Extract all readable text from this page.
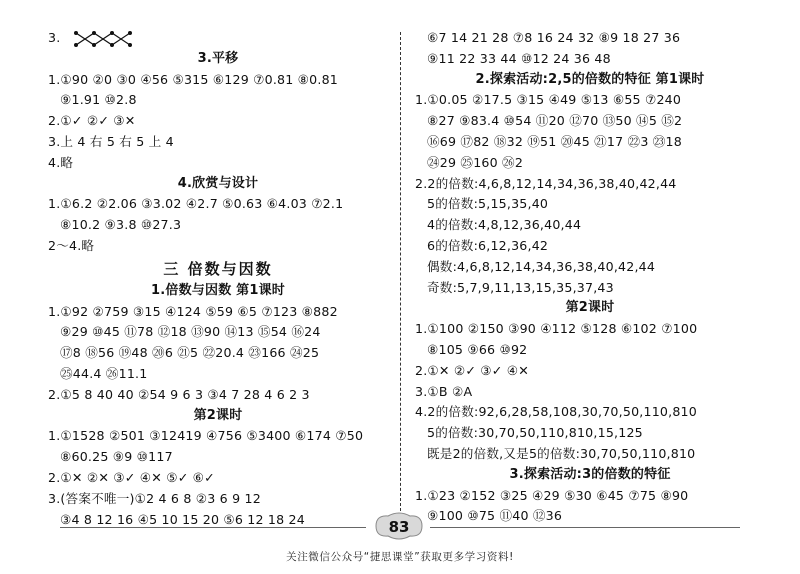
3.
3.平移
1.①90 ②0 ③0 ④56 ⑤315 ⑥129 ⑦0.81 ⑧0.81
⑨1.91 ⑩2.8
2.①✓ ②✓ ③✕
3.上 4 右 5 右 5 上 4
4.略
4.欣赏与设计
1.①6.2 ②2.06 ③3.02 ④2.7 ⑤0.63 ⑥4.03 ⑦2.1
⑧10.2 ⑨3.8 ⑩27.3
2～4.略
三 倍数与因数
1.倍数与因数 第1课时
1.①92 ②759 ③15 ④124 ⑤59 ⑥5 ⑦123 ⑧882
⑨29 ⑩45 ⑪78 ⑫18 ⑬90 ⑭13 ⑮54 ⑯24
⑰8 ⑱56 ⑲48 ⑳6 ㉑5 ㉒20.4 ㉓166 ㉔25
㉕44.4 ㉖11.1
2.①5 8 40 40 ②54 9 6 3 ③4 7 28 4 6 2 3
第2课时
1.①1528 ②501 ③12419 ④756 ⑤3400 ⑥174 ⑦50
⑧60.25 ⑨9 ⑩117
2.①✕ ②✕ ③✓ ④✕ ⑤✓ ⑥✓
3.(答案不唯一)①2 4 6 8 ②3 6 9 12
③4 8 12 16 ④5 10 15 20 ⑤6 12 18 24
⑥7 14 21 28 ⑦8 16 24 32 ⑧9 18 27 36
⑨11 22 33 44 ⑩12 24 36 48
2.探索活动:2,5的倍数的特征 第1课时
1.①0.05 ②17.5 ③15 ④49 ⑤13 ⑥55 ⑦240
⑧27 ⑨83.4 ⑩54 ⑪20 ⑫70 ⑬50 ⑭5 ⑮2
⑯69 ⑰82 ⑱32 ⑲51 ⑳45 ㉑17 ㉒3 ㉓18
㉔29 ㉕160 ㉖2
2.2的倍数:4,6,8,12,14,34,36,38,40,42,44
5的倍数:5,15,35,40
4的倍数:4,8,12,36,40,44
6的倍数:6,12,36,42
偶数:4,6,8,12,14,34,36,38,40,42,44
奇数:5,7,9,11,13,15,35,37,43
第2课时
1.①100 ②150 ③90 ④112 ⑤128 ⑥102 ⑦100
⑧105 ⑨66 ⑩92
2.①✕ ②✓ ③✓ ④✕
3.①B ②A
4.2的倍数:92,6,28,58,108,30,70,50,110,810
5的倍数:30,70,50,110,810,15,125
既是2的倍数,又是5的倍数:30,70,50,110,810
3.探索活动:3的倍数的特征
1.①23 ②152 ③25 ④29 ⑤30 ⑥45 ⑦75 ⑧90
⑨100 ⑩75 ⑪40 ⑫36
83
关注微信公众号“捷思课堂”获取更多学习资料!
